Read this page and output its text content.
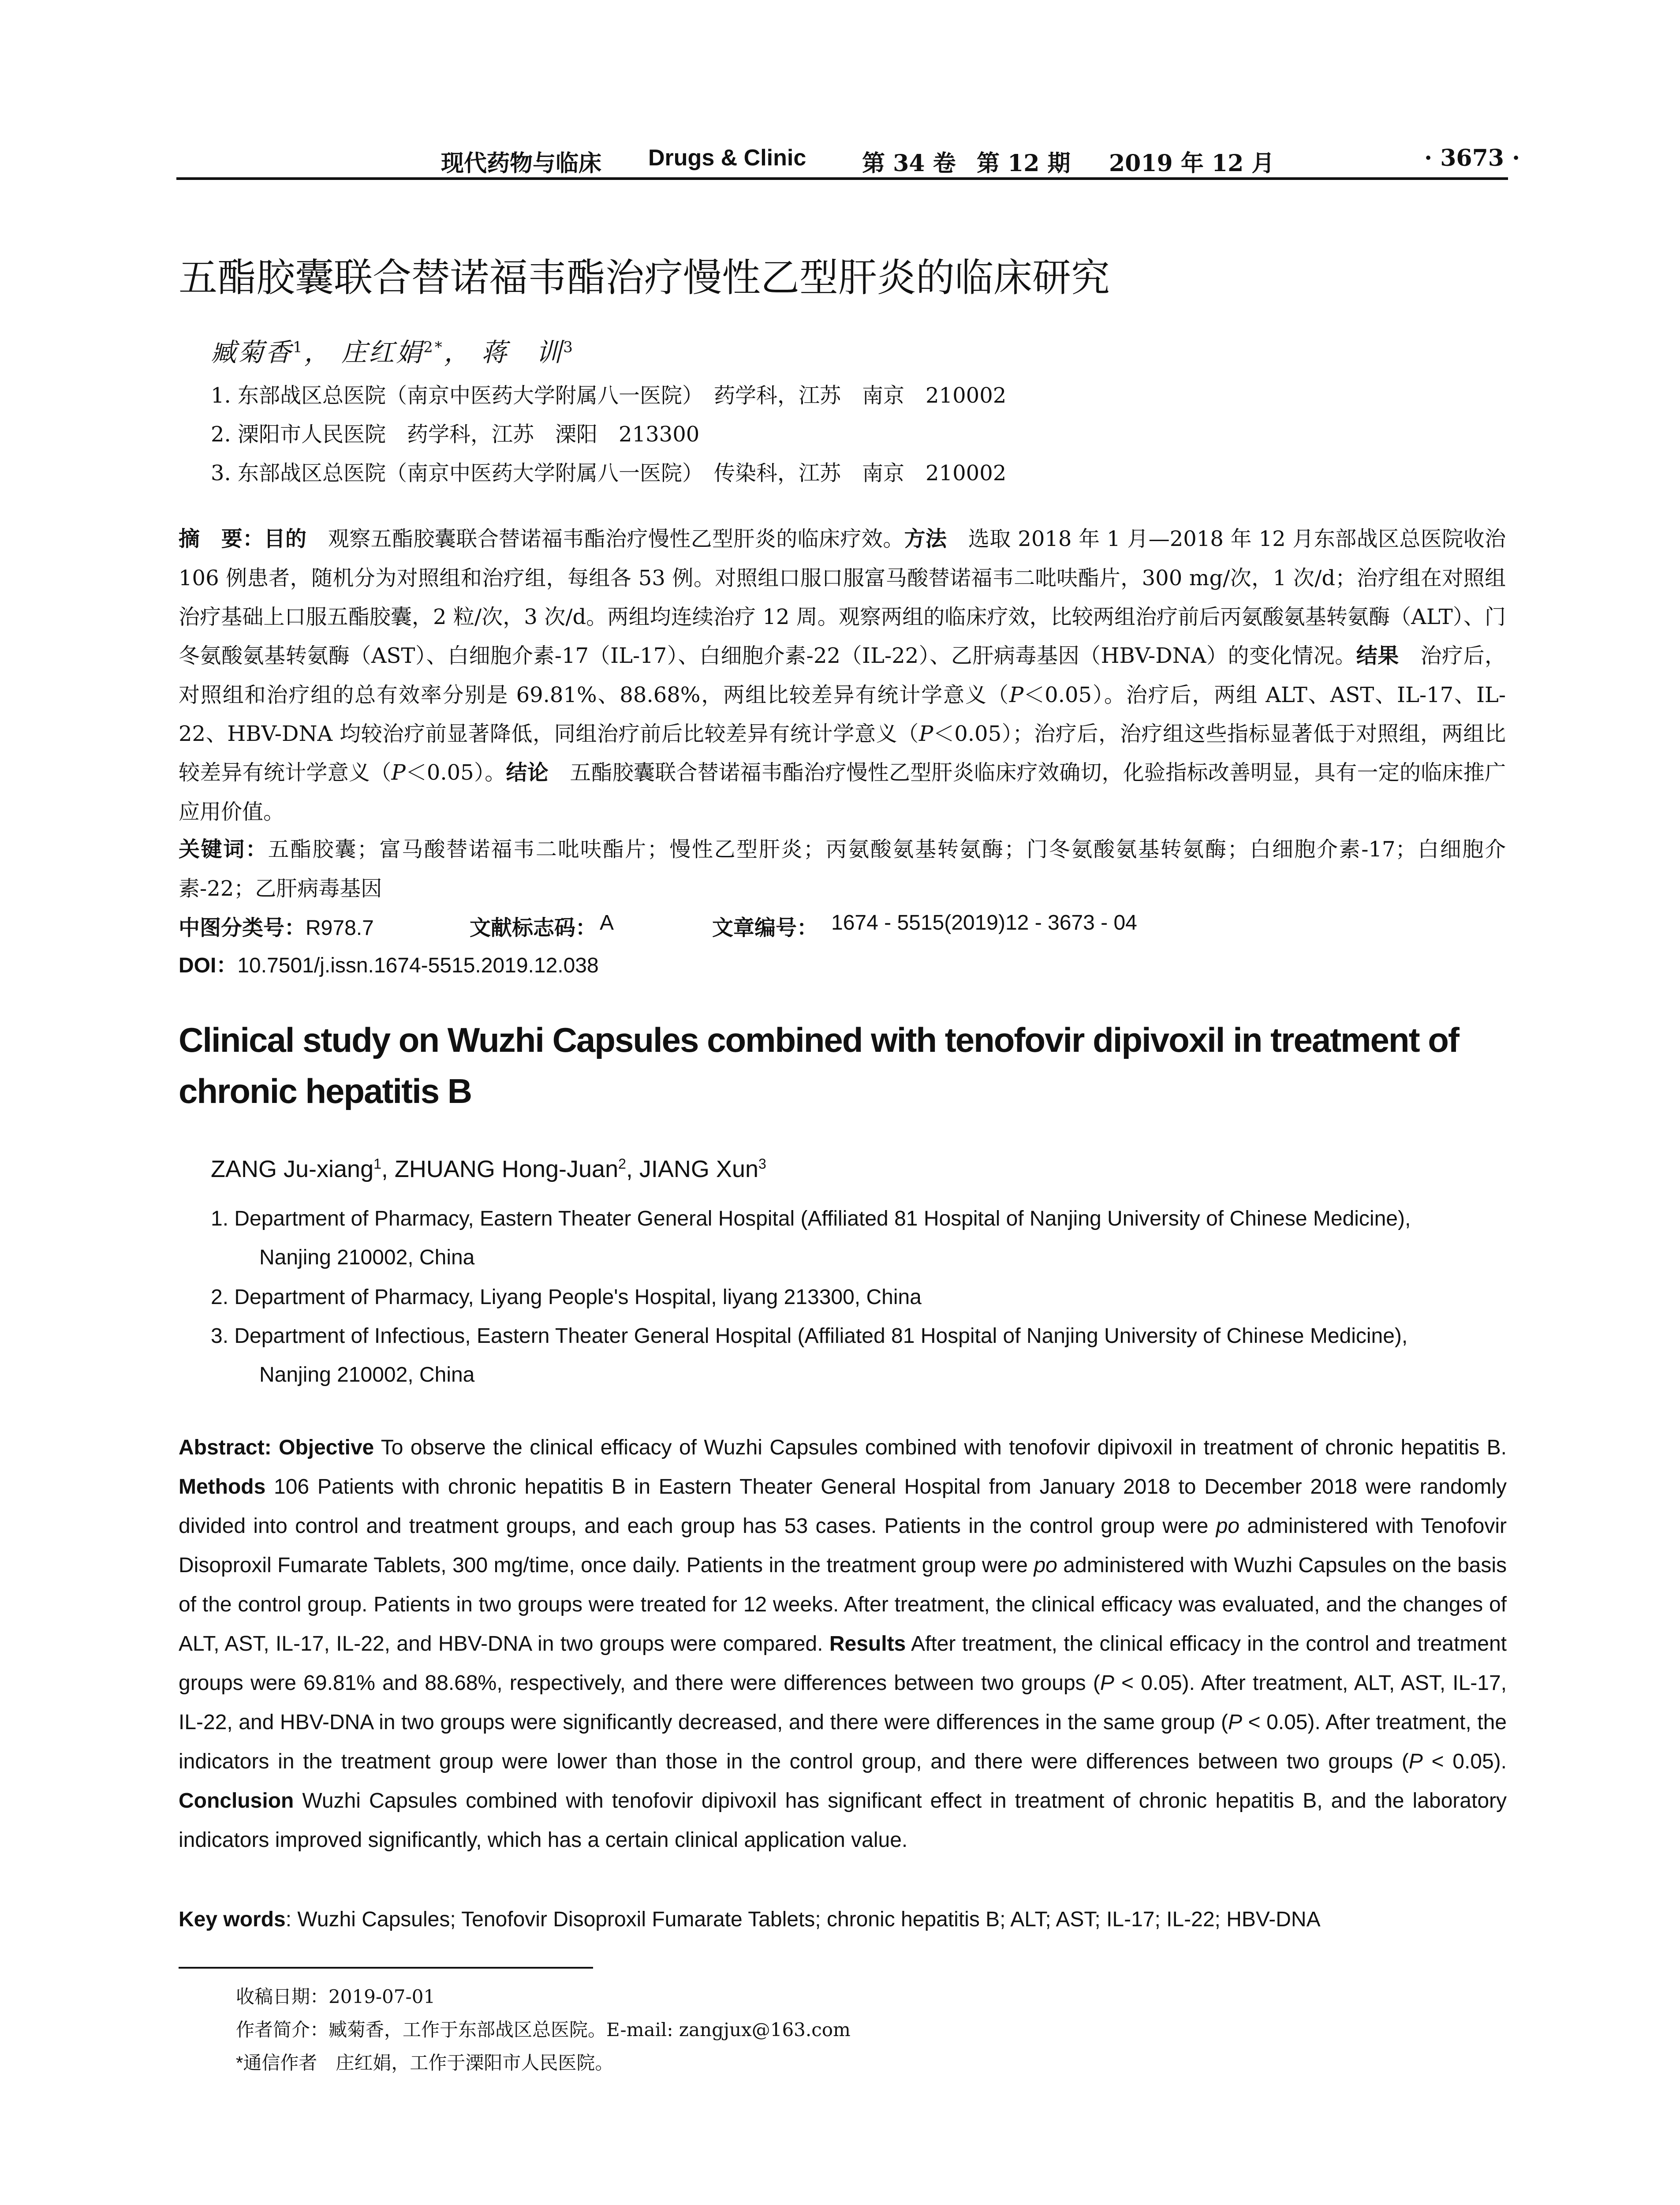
现代药物与临床 Drugs & Clinic 第 34 卷 第 12 期 2019 年 12 月	· 3673 ·
五酯胶囊联合替诺福韦酯治疗慢性乙型肝炎的临床研究
臧菊香$^1$， 庄红娟$^{2*}$， 蒋　训$^3$
1. 东部战区总医院（南京中医药大学附属八一医院）　药学科，江苏　南京　210002
2. 溧阳市人民医院　药学科，江苏　溧阳　213300
3. 东部战区总医院（南京中医药大学附属八一医院）　传染科，江苏　南京　210002
摘　要：目的　观察五酯胶囊联合替诺福韦酯治疗慢性乙型肝炎的临床疗效。方法　选取 2018 年 1 月—2018 年 12 月东部战区总医院收治 106 例患者，随机分为对照组和治疗组，每组各 53 例。对照组口服口服富马酸替诺福韦二吡呋酯片，300 mg/次，1 次/d；治疗组在对照组治疗基础上口服五酯胶囊，2 粒/次，3 次/d。两组均连续治疗 12 周。观察两组的临床疗效，比较两组治疗前后丙氨酸氨基转氨酶（ALT）、门冬氨酸氨基转氨酶（AST）、白细胞介素-17（IL-17）、白细胞介素-22（IL-22）、乙肝病毒基因（HBV-DNA）的变化情况。结果　治疗后，对照组和治疗组的总有效率分别是 69.81%、88.68%，两组比较差异有统计学意义（P＜0.05）。治疗后，两组 ALT、AST、IL-17、IL-22、HBV-DNA 均较治疗前显著降低，同组治疗前后比较差异有统计学意义（P＜0.05）；治疗后，治疗组这些指标显著低于对照组，两组比较差异有统计学意义（P＜0.05）。结论　五酯胶囊联合替诺福韦酯治疗慢性乙型肝炎临床疗效确切，化验指标改善明显，具有一定的临床推广应用价值。
关键词：五酯胶囊；富马酸替诺福韦二吡呋酯片；慢性乙型肝炎；丙氨酸氨基转氨酶；门冬氨酸氨基转氨酶；白细胞介素-17；白细胞介素-22；乙肝病毒基因
中图分类号：R978.7	文献标志码： A	文章编号： 1674 - 5515(2019)12 - 3673 - 04
DOI：10.7501/j.issn.1674-5515.2019.12.038
Clinical study on Wuzhi Capsules combined with tenofovir dipivoxil in treatment of chronic hepatitis B
ZANG Ju-xiang$^1$, ZHUANG Hong-Juan$^2$, JIANG Xun$^3$
1. Department of Pharmacy, Eastern Theater General Hospital (Affiliated 81 Hospital of Nanjing University of Chinese Medicine),
Nanjing 210002, China
2. Department of Pharmacy, Liyang People's Hospital, liyang 213300, China
3. Department of Infectious, Eastern Theater General Hospital (Affiliated 81 Hospital of Nanjing University of Chinese Medicine),
Nanjing 210002, China
Abstract: Objective To observe the clinical efficacy of Wuzhi Capsules combined with tenofovir dipivoxil in treatment of chronic hepatitis B. Methods 106 Patients with chronic hepatitis B in Eastern Theater General Hospital from January 2018 to December 2018 were randomly divided into control and treatment groups, and each group has 53 cases. Patients in the control group were po administered with Tenofovir Disoproxil Fumarate Tablets, 300 mg/time, once daily. Patients in the treatment group were po administered with Wuzhi Capsules on the basis of the control group. Patients in two groups were treated for 12 weeks. After treatment, the clinical efficacy was evaluated, and the changes of ALT, AST, IL-17, IL-22, and HBV-DNA in two groups were compared. Results After treatment, the clinical efficacy in the control and treatment groups were 69.81% and 88.68%, respectively, and there were differences between two groups (P < 0.05). After treatment, ALT, AST, IL-17, IL-22, and HBV-DNA in two groups were significantly decreased, and there were differences in the same group (P < 0.05). After treatment, the indicators in the treatment group were lower than those in the control group, and there were differences between two groups (P < 0.05). Conclusion Wuzhi Capsules combined with tenofovir dipivoxil has significant effect in treatment of chronic hepatitis B, and the laboratory indicators improved significantly, which has a certain clinical application value.
Key words: Wuzhi Capsules; Tenofovir Disoproxil Fumarate Tablets; chronic hepatitis B; ALT; AST; IL-17; IL-22; HBV-DNA
收稿日期：2019-07-01
作者简介：臧菊香，工作于东部战区总医院。E-mail: zangjux@163.com
*通信作者　庄红娟，工作于溧阳市人民医院。
